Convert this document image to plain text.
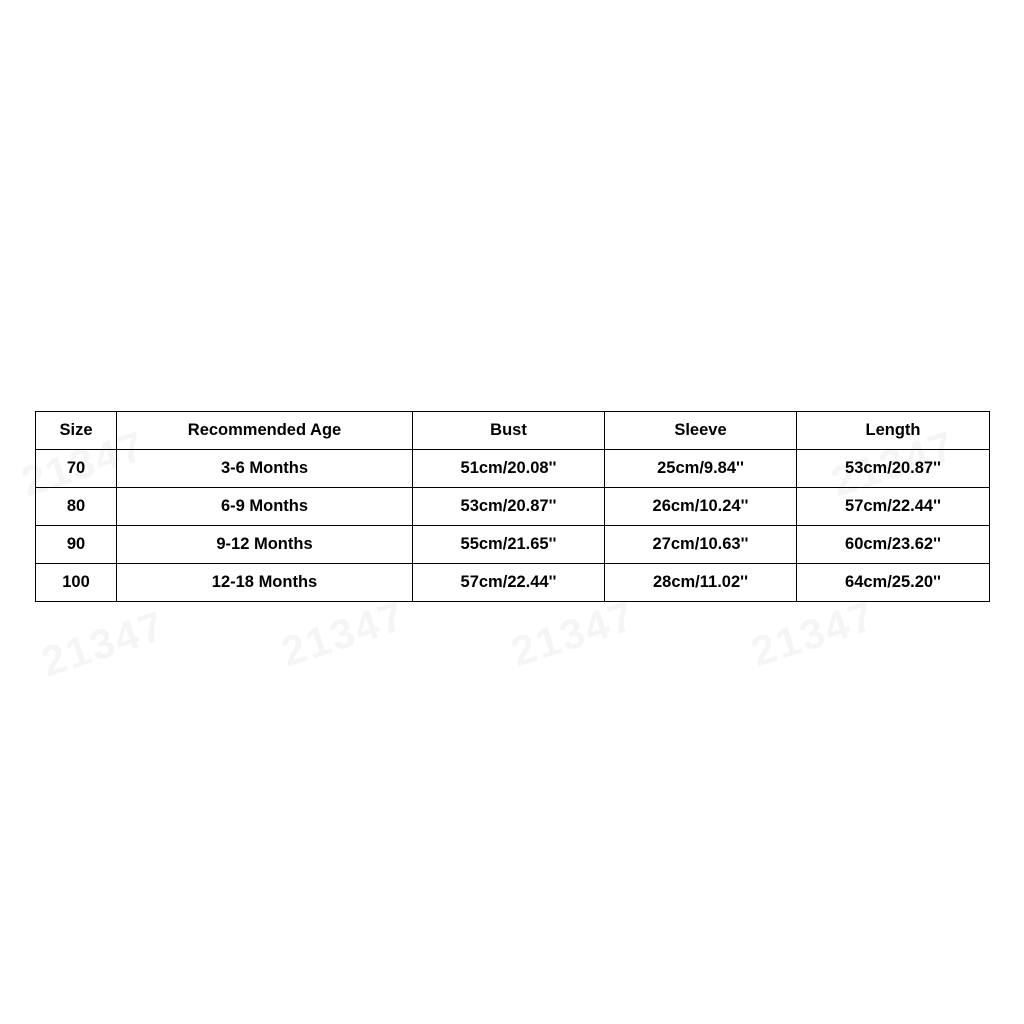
Size	Recommended Age	Bust	Sleeve	Length
70	3-6 Months	51cm/20.08''	25cm/9.84''	53cm/20.87''
80	6-9 Months	53cm/20.87''	26cm/10.24''	57cm/22.44''
90	9-12 Months	55cm/21.65''	27cm/10.63''	60cm/23.62''
100	12-18 Months	57cm/22.44''	28cm/11.02''	64cm/25.20''
